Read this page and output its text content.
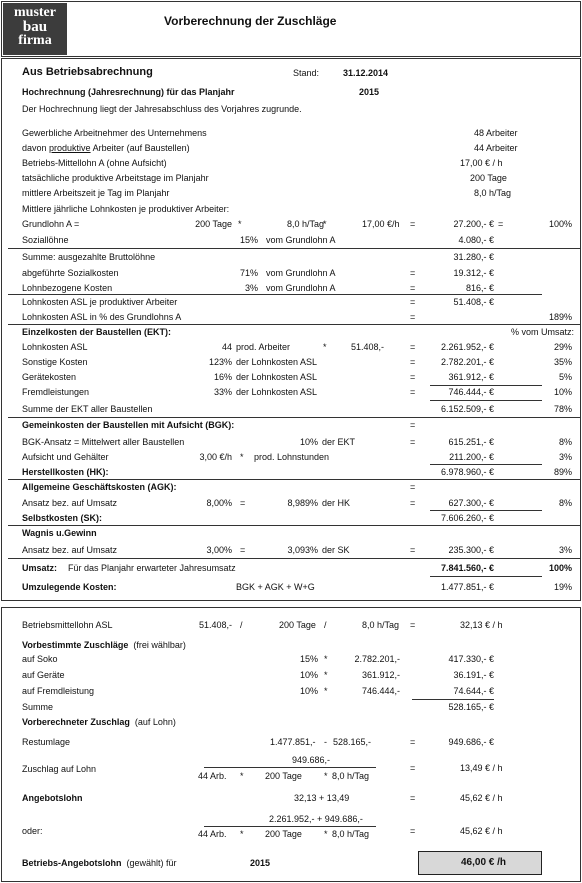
muster
bau
firma
Vorberechnung der Zuschläge
Aus Betriebsabrechnung	Stand:	31.12.2014
Hochrechnung (Jahresrechnung) für das Planjahr	2015
Der Hochrechnung liegt der Jahresabschluss des Vorjahres zugrunde.
Gewerbliche Arbeitnehmer des Unternehmens	48 Arbeiter
davon produktive Arbeiter (auf Baustellen)	44 Arbeiter
Betriebs-Mittellohn A (ohne Aufsicht)	17,00 € / h
tatsächliche produktive Arbeitstage im Planjahr	200 Tage
mittlere Arbeitszeit je Tag im Planjahr	8,0 h/Tag
Mittlere jährliche Lohnkosten je produktiver Arbeiter:
Grundlohn A =	200 Tage *	8,0 h/Tag *	17,00 €/h =	27.200,- € =	100%
Soziallöhne	15% vom Grundlohn A	4.080,- €
Summe: ausgezahlte Bruttolöhne	31.280,- €
abgeführte Sozialkosten	71% vom Grundlohn A	=	19.312,- €
Lohnbezogene Kosten	3% vom Grundlohn A	=	816,- €
Lohnkosten ASL je produktiver Arbeiter	=	51.408,- €
Lohnkosten ASL in % des Grundlohns A	=	189%
Einzelkosten der Baustellen (EKT):	% vom Umsatz:
Lohnkosten ASL	44 prod. Arbeiter	*	51.408,-	=	2.261.952,- €	29%
Sonstige Kosten	123% der Lohnkosten ASL	=	2.782.201,- €	35%
Gerätekosten	16% der Lohnkosten ASL	=	361.912,- €	5%
Fremdleistungen	33% der Lohnkosten ASL	=	746.444,- €	10%
Summe der EKT aller Baustellen	6.152.509,- €	78%
Gemeinkosten der Baustellen mit Aufsicht (BGK):	=
BGK-Ansatz = Mittelwert aller Baustellen	10% der EKT	=	615.251,- €	8%
Aufsicht und Gehälter	3,00 €/h * prod. Lohnstunden	211.200,- €	3%
Herstellkosten (HK):	6.978.960,- €	89%
Allgemeine Geschäftskosten (AGK):	=
Ansatz bez. auf Umsatz	8,00% =	8,989% der HK	=	627.300,- €	8%
Selbstkosten (SK):	7.606.260,- €
Wagnis u.Gewinn
Ansatz bez. auf Umsatz	3,00% =	3,093% der SK	=	235.300,- €	3%
Umsatz: Für das Planjahr erwarteter Jahresumsatz	7.841.560,- €	100%
Umzulegende Kosten:	BGK + AGK + W+G	1.477.851,- €	19%
Betriebsmittellohn ASL	51.408,- /	200 Tage /	8,0 h/Tag =	32,13 € / h
Vorbestimmte Zuschläge (frei wählbar)
auf Soko	15% *	2.782.201,-	417.330,- €
auf Geräte	10% *	361.912,-	36.191,- €
auf Fremdleistung	10% *	746.444,-	74.644,- €
Summe	528.165,- €
Vorberechneter Zuschlag (auf Lohn)
Restumlage	1.477.851,- - 528.165,-	=	949.686,- €
Zuschlag auf Lohn
949.686,-
44 Arb. * 200 Tage * 8,0 h/Tag
=	13,49 € / h
Angebotslohn	32,13 + 13,49	=	45,62 € / h
oder:
2.261.952,- + 949.686,-
44 Arb. * 200 Tage * 8,0 h/Tag	=	45,62 € / h
Betriebs-Angebotslohn (gewählt) für	2015	46,00 € /h
